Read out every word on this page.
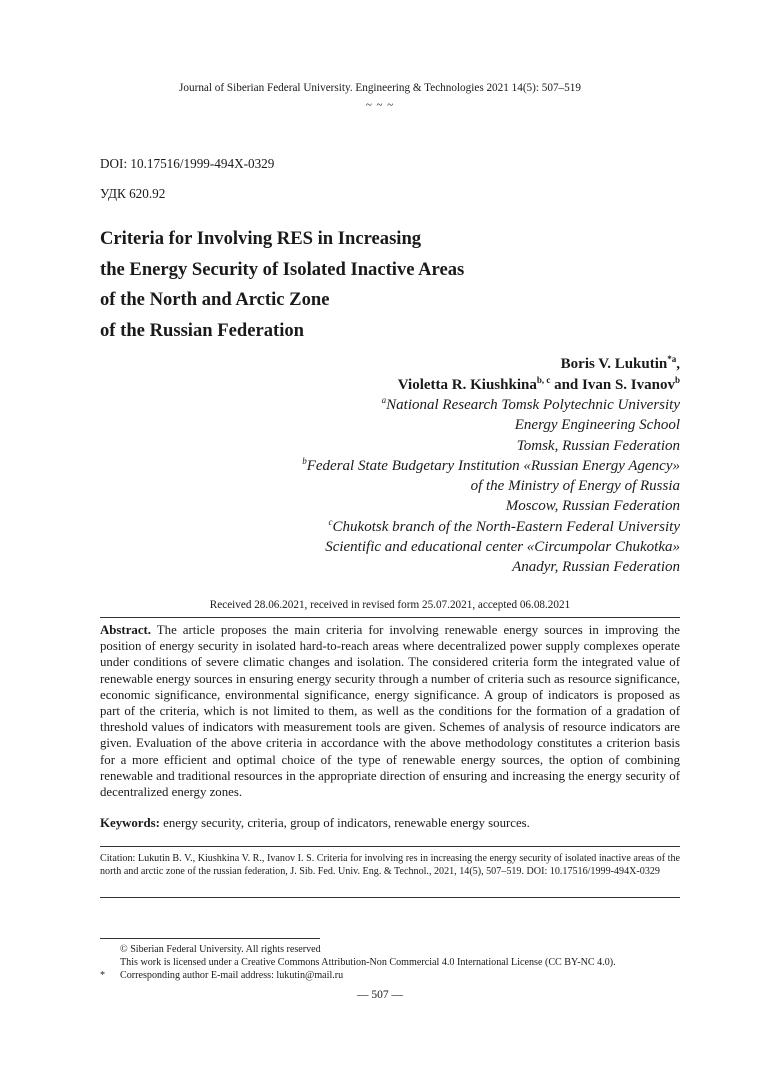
Journal of Siberian Federal University. Engineering & Technologies 2021 14(5): 507–519
~ ~ ~
DOI: 10.17516/1999-494X-0329
УДК 620.92
Criteria for Involving RES in Increasing
the Energy Security of Isolated Inactive Areas
of the North and Arctic Zone
of the Russian Federation
Boris V. Lukutin$^{*a}$,
Violetta R. Kiushkina$^{b, c}$ and Ivan S. Ivanov$^b$
$^a$National Research Tomsk Polytechnic University
Energy Engineering School
Tomsk, Russian Federation
$^b$Federal State Budgetary Institution «Russian Energy Agency»
of the Ministry of Energy of Russia
Moscow, Russian Federation
$^c$Chukotsk branch of the North-Eastern Federal University
Scientific and educational center «Circumpolar Chukotka»
Anadyr, Russian Federation
Received 28.06.2021, received in revised form 25.07.2021, accepted 06.08.2021
Abstract. The article proposes the main criteria for involving renewable energy sources in improving the position of energy security in isolated hard-to-reach areas where decentralized power supply complexes operate under conditions of severe climatic changes and isolation. The considered criteria form the integrated value of renewable energy sources in ensuring energy security through a number of criteria such as resource significance, economic significance, environmental significance, energy significance. A group of indicators is proposed as part of the criteria, which is not limited to them, as well as the conditions for the formation of a gradation of threshold values of indicators with measurement tools are given. Schemes of analysis of resource indicators are given. Evaluation of the above criteria in accordance with the above methodology constitutes a criterion basis for a more efficient and optimal choice of the type of renewable energy sources, the option of combining renewable and traditional resources in the appropriate direction of ensuring and increasing the energy security of decentralized energy zones.
Keywords: energy security, criteria, group of indicators, renewable energy sources.
Citation: Lukutin B. V., Kiushkina V. R., Ivanov I. S. Criteria for involving res in increasing the energy security of isolated inactive areas of the north and arctic zone of the russian federation, J. Sib. Fed. Univ. Eng. & Technol., 2021, 14(5), 507–519. DOI: 10.17516/1999-494X-0329
© Siberian Federal University. All rights reserved
This work is licensed under a Creative Commons Attribution-Non Commercial 4.0 International License (CC BY-NC 4.0).
* Corresponding author E-mail address: lukutin@mail.ru
— 507 —
